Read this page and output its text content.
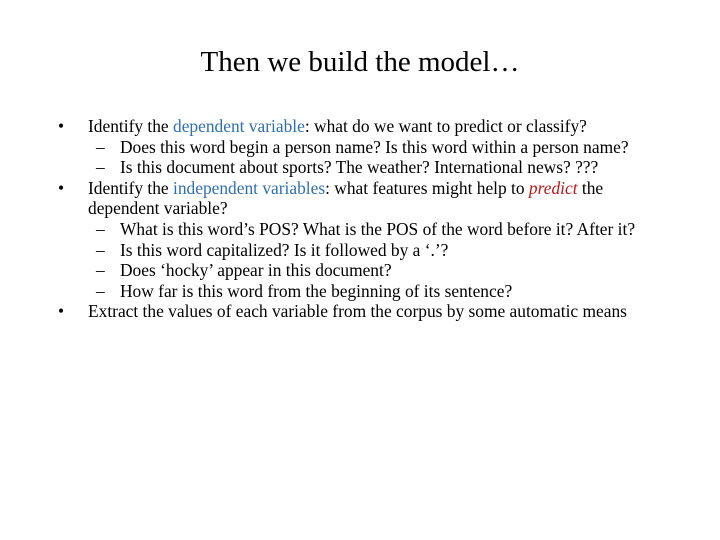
Then we build the model…
• Identify the dependent variable: what do we want to predict or classify?
– Does this word begin a person name? Is this word within a person name?
– Is this document about sports? The weather? International news? ???
• Identify the independent variables: what features might help to predict the dependent variable?
– What is this word’s POS? What is the POS of the word before it? After it?
– Is this word capitalized? Is it followed by a ‘.’?
– Does ‘hocky’ appear in this document?
– How far is this word from the beginning of its sentence?
• Extract the values of each variable from the corpus by some automatic means
